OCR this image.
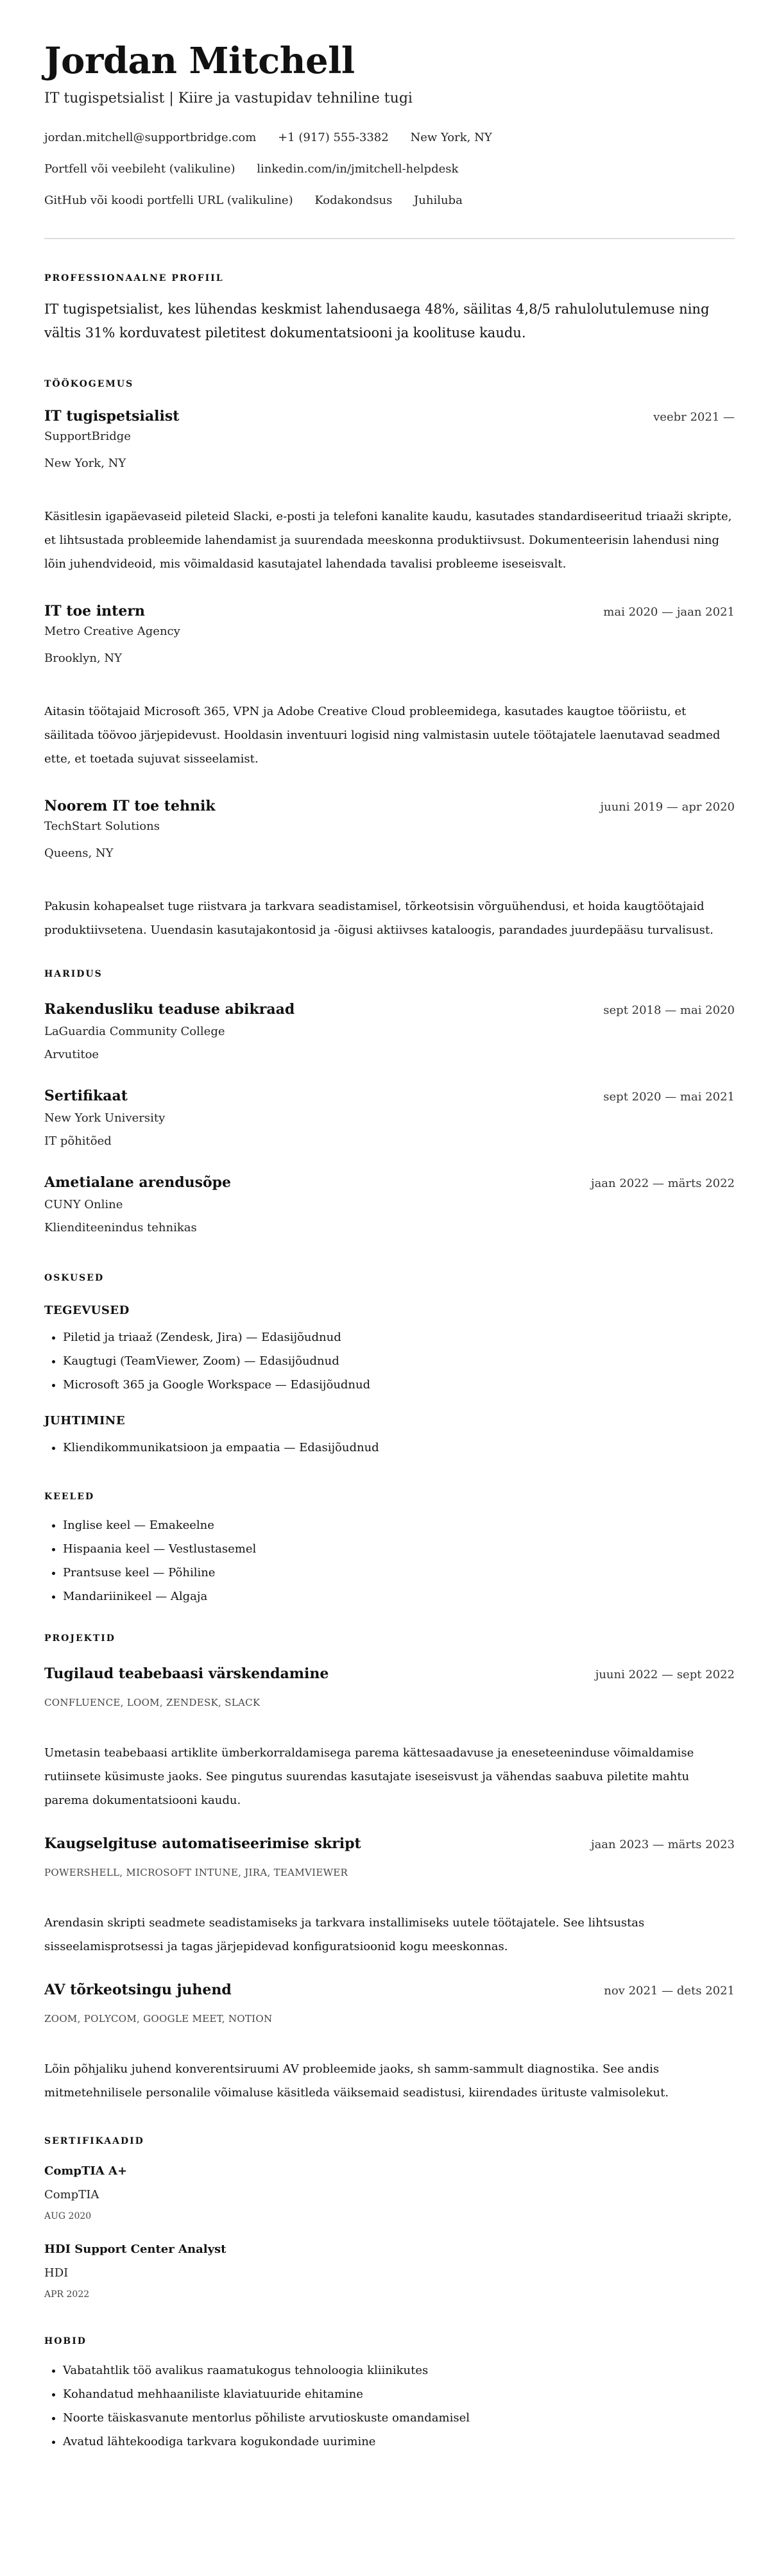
Jordan Mitchell
IT tugispetsialist | Kiire ja vastupidav tehniline tugi
jordan.mitchell@supportbridge.com +1 (917) 555-3382 New York, NY
Portfell või veebileht (valikuline) linkedin.com/in/jmitchell-helpdesk
GitHub või koodi portfelli URL (valikuline) Kodakondsus Juhiluba
PROFESSIONAALNE PROFIIL
IT tugispetsialist, kes lühendas keskmist lahendusaega 48%, säilitas 4,8/5 rahulolutulemuse ning vältis 31% korduvatest piletitest dokumentatsiooni ja koolituse kaudu.
TÖÖKOGEMUS
IT tugispetsialist	veebr 2021 —
SupportBridge
New York, NY
Käsitlesin igapäevaseid pileteid Slacki, e-posti ja telefoni kanalite kaudu, kasutades standardiseeritud triaaži skripte, et lihtsustada probleemide lahendamist ja suurendada meeskonna produktiivsust. Dokumenteerisin lahendusi ning lõin juhendvideoid, mis võimaldasid kasutajatel lahendada tavalisi probleeme iseseisvalt.
IT toe intern	mai 2020 — jaan 2021
Metro Creative Agency
Brooklyn, NY
Aitasin töötajaid Microsoft 365, VPN ja Adobe Creative Cloud probleemidega, kasutades kaugtoe tööriistu, et säilitada töövoo järjepidevust. Hooldasin inventuuri logisid ning valmistasin uutele töötajatele laenutavad seadmed ette, et toetada sujuvat sisseelamist.
Noorem IT toe tehnik	juuni 2019 — apr 2020
TechStart Solutions
Queens, NY
Pakusin kohapealset tuge riistvara ja tarkvara seadistamisel, tõrkeotsisin võrguühendusi, et hoida kaugtöötajaid produktiivsetena. Uuendasin kasutajakontosid ja -õigusi aktiivses kataloogis, parandades juurdepääsu turvalisust.
HARIDUS
Rakendusliku teaduse abikraad	sept 2018 — mai 2020
LaGuardia Community College
Arvutitoe
Sertifikaat	sept 2020 — mai 2021
New York University
IT põhitõed
Ametialane arendusõpe	jaan 2022 — märts 2022
CUNY Online
Klienditeenindus tehnikas
OSKUSED
TEGEVUSED
• Piletid ja triaaž (Zendesk, Jira) — Edasijõudnud
• Kaugtugi (TeamViewer, Zoom) — Edasijõudnud
• Microsoft 365 ja Google Workspace — Edasijõudnud
JUHTIMINE
• Kliendikommunikatsioon ja empaatia — Edasijõudnud
KEELED
• Inglise keel — Emakeelne
• Hispaania keel — Vestlustasemel
• Prantsuse keel — Põhiline
• Mandariinikeel — Algaja
PROJEKTID
Tugilaud teabebaasi värskendamine	juuni 2022 — sept 2022
CONFLUENCE, LOOM, ZENDESK, SLACK
Umetasin teabebaasi artiklite ümberkorraldamisega parema kättesaadavuse ja eneseteeninduse võimaldamise rutiinsete küsimuste jaoks. See pingutus suurendas kasutajate iseseisvust ja vähendas saabuva piletite mahtu parema dokumentatsiooni kaudu.
Kaugselgituse automatiseerimise skript	jaan 2023 — märts 2023
POWERSHELL, MICROSOFT INTUNE, JIRA, TEAMVIEWER
Arendasin skripti seadmete seadistamiseks ja tarkvara installimiseks uutele töötajatele. See lihtsustas sisseelamisprotsessi ja tagas järjepidevad konfiguratsioonid kogu meeskonnas.
AV tõrkeotsingu juhend	nov 2021 — dets 2021
ZOOM, POLYCOM, GOOGLE MEET, NOTION
Lõin põhjaliku juhend konverentsiruumi AV probleemide jaoks, sh samm-sammult diagnostika. See andis mitmetehnilisele personalile võimaluse käsitleda väiksemaid seadistusi, kiirendades ürituste valmisolekut.
SERTIFIKAADID
CompTIA A+
CompTIA
AUG 2020
HDI Support Center Analyst
HDI
APR 2022
HOBID
• Vabatahtlik töö avalikus raamatukogus tehnoloogia kliinikutes
• Kohandatud mehhaaniliste klaviatuuride ehitamine
• Noorte täiskasvanute mentorlus põhiliste arvutioskuste omandamisel
• Avatud lähtekoodiga tarkvara kogukondade uurimine
